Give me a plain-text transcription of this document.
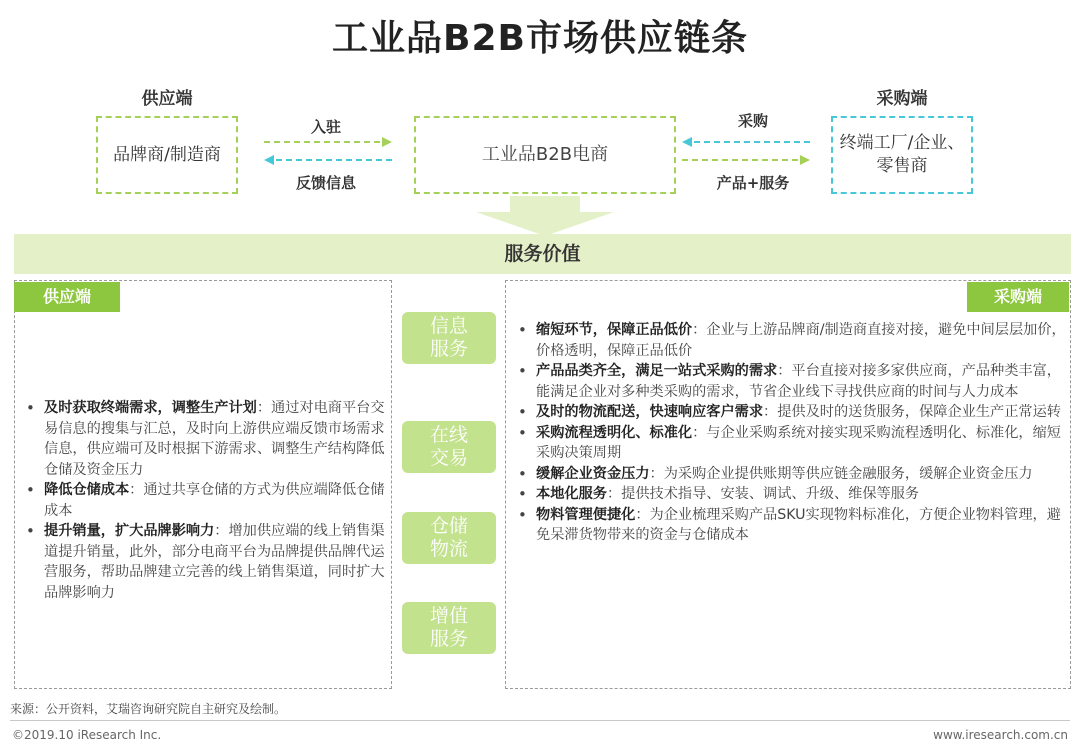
工业品B2B市场供应链条
供应端	采购端
品牌商/制造商	工业品B2B电商
终端工厂/企业、
零售商
入驻
反馈信息
采购
产品+服务
服务价值
供应端
• 及时获取终端需求，调整生产计划：通过对电商平台交易信息的搜集与汇总，及时向上游供应端反馈市场需求信息，供应端可及时根据下游需求、调整生产结构降低仓储及资金压力
• 降低仓储成本：通过共享仓储的方式为供应端降低仓储成本
• 提升销量，扩大品牌影响力：增加供应端的线上销售渠道提升销量，此外，部分电商平台为品牌提供品牌代运营服务，帮助品牌建立完善的线上销售渠道，同时扩大品牌影响力
信息
服务
在线
交易
仓储
物流
增值
服务
采购端
• 缩短环节，保障正品低价：企业与上游品牌商/制造商直接对接，避免中间层层加价，价格透明，保障正品低价
• 产品品类齐全，满足一站式采购的需求：平台直接对接多家供应商，产品种类丰富，能满足企业对多种类采购的需求，节省企业线下寻找供应商的时间与人力成本
• 及时的物流配送，快速响应客户需求：提供及时的送货服务，保障企业生产正常运转
• 采购流程透明化、标准化：与企业采购系统对接实现采购流程透明化、标准化，缩短采购决策周期
• 缓解企业资金压力：为采购企业提供账期等供应链金融服务，缓解企业资金压力
• 本地化服务：提供技术指导、安装、调试、升级、维保等服务
• 物料管理便捷化：为企业梳理采购产品SKU实现物料标准化，方便企业物料管理，避免呆滞货物带来的资金与仓储成本
来源：公开资料，艾瑞咨询研究院自主研究及绘制。
©2019.10 iResearch Inc.	www.iresearch.com.cn
